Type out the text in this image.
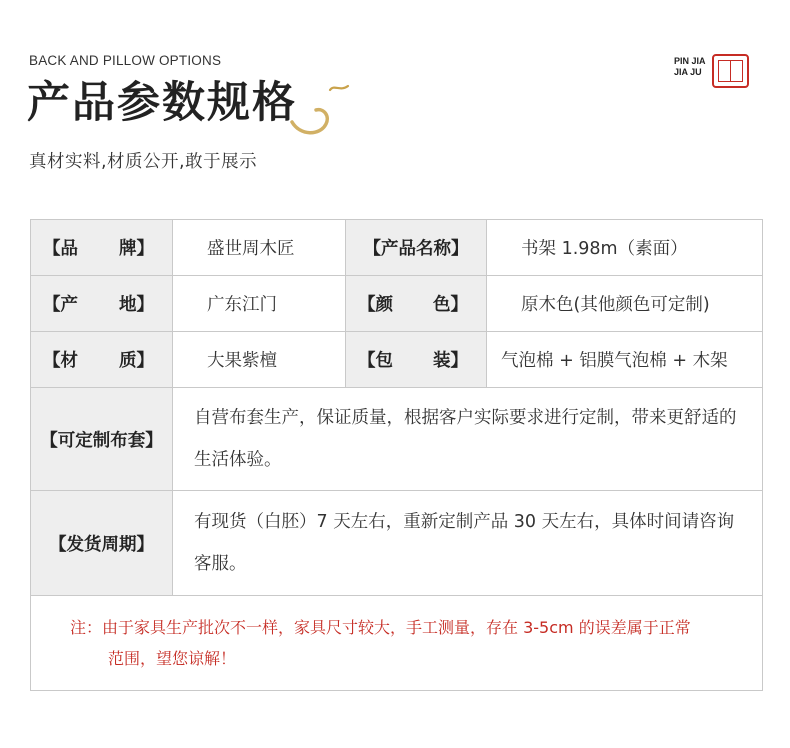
BACK AND PILLOW OPTIONS
产品参数规格
真材实料,材质公开,敢于展示
PIN JIA
JIA JU
【品 牌】	盛世周木匠	【产品名称】	书架 1.98m（素面）

【产 地】	广东江门	【颜 色】	原木色(其他颜色可定制)

【材 质】	大果紫檀	【包 装】	气泡棉 + 铝膜气泡棉 + 木架

【可定制布套】	自营布套生产，保证质量，根据客户实际要求进行定制，带来更舒适的生活体验。		

【发货周期】	有现货（白胚）7 天左右，重新定制产品 30 天左右，具体时间请咨询客服。		

注：由于家具生产批次不一样，家具尺寸较大，手工测量，存在 3-5cm 的误差属于正常
范围，望您谅解！			
